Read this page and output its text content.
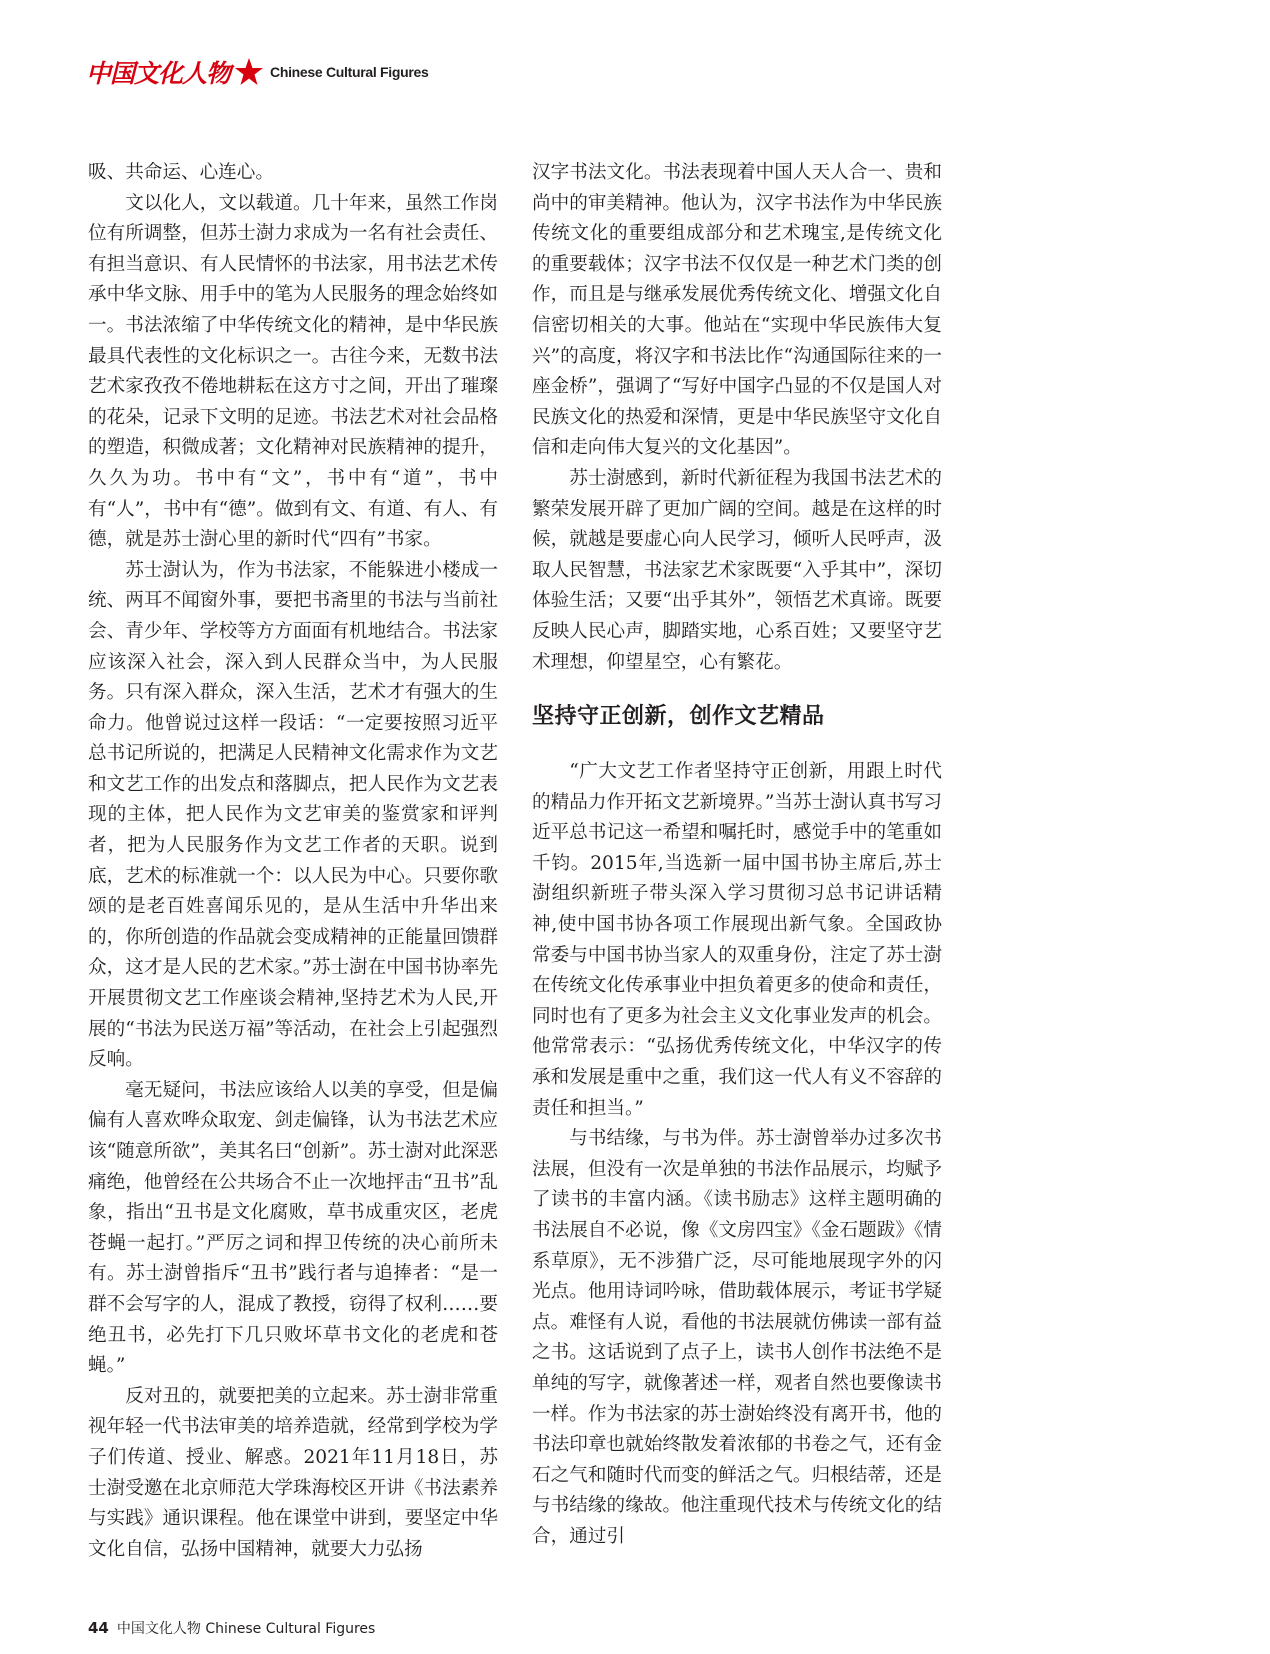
中国文化人物	Chinese Cultural Figures

吸、共命运、心连心。

文以化人，文以载道。几十年来，虽然工作岗位有所调整，但苏士澍力求成为一名有社会责任、有担当意识、有人民情怀的书法家，用书法艺术传承中华文脉、用手中的笔为人民服务的理念始终如一。书法浓缩了中华传统文化的精神，是中华民族最具代表性的文化标识之一。古往今来，无数书法艺术家孜孜不倦地耕耘在这方寸之间，开出了璀璨的花朵，记录下文明的足迹。书法艺术对社会品格的塑造，积微成著；文化精神对民族精神的提升，久久为功。书中有“文”，书中有“道”，书中有“人”，书中有“德”。做到有文、有道、有人、有德，就是苏士澍心里的新时代“四有”书家。

苏士澍认为，作为书法家，不能躲进小楼成一统、两耳不闻窗外事，要把书斋里的书法与当前社会、青少年、学校等方方面面有机地结合。书法家应该深入社会，深入到人民群众当中，为人民服务。只有深入群众，深入生活，艺术才有强大的生命力。他曾说过这样一段话：“一定要按照习近平总书记所说的，把满足人民精神文化需求作为文艺和文艺工作的出发点和落脚点，把人民作为文艺表现的主体，把人民作为文艺审美的鉴赏家和评判者，把为人民服务作为文艺工作者的天职。说到底，艺术的标准就一个：以人民为中心。只要你歌颂的是老百姓喜闻乐见的，是从生活中升华出来的，你所创造的作品就会变成精神的正能量回馈群众，这才是人民的艺术家。”苏士澍在中国书协率先开展贯彻文艺工作座谈会精神,坚持艺术为人民,开展的“书法为民送万福”等活动，在社会上引起强烈反响。

毫无疑问，书法应该给人以美的享受，但是偏偏有人喜欢哗众取宠、剑走偏锋，认为书法艺术应该“随意所欲”，美其名曰“创新”。苏士澍对此深恶痛绝，他曾经在公共场合不止一次地抨击“丑书”乱象，指出“丑书是文化腐败，草书成重灾区，老虎苍蝇一起打。”严厉之词和捍卫传统的决心前所未有。苏士澍曾指斥“丑书”践行者与追捧者：“是一群不会写字的人，混成了教授，窃得了权利……要绝丑书，必先打下几只败坏草书文化的老虎和苍蝇。”

反对丑的，就要把美的立起来。苏士澍非常重视年轻一代书法审美的培养造就，经常到学校为学子们传道、授业、解惑。2021年11月18日，苏士澍受邀在北京师范大学珠海校区开讲《书法素养与实践》通识课程。他在课堂中讲到，要坚定中华文化自信，弘扬中国精神，就要大力弘扬

汉字书法文化。书法表现着中国人天人合一、贵和尚中的审美精神。他认为，汉字书法作为中华民族传统文化的重要组成部分和艺术瑰宝,是传统文化的重要载体；汉字书法不仅仅是一种艺术门类的创作，而且是与继承发展优秀传统文化、增强文化自信密切相关的大事。他站在“实现中华民族伟大复兴”的高度，将汉字和书法比作“沟通国际往来的一座金桥”，强调了“写好中国字凸显的不仅是国人对民族文化的热爱和深情，更是中华民族坚守文化自信和走向伟大复兴的文化基因”。

苏士澍感到，新时代新征程为我国书法艺术的繁荣发展开辟了更加广阔的空间。越是在这样的时候，就越是要虚心向人民学习，倾听人民呼声，汲取人民智慧，书法家艺术家既要“入乎其中”，深切体验生活；又要“出乎其外”，领悟艺术真谛。既要反映人民心声，脚踏实地，心系百姓；又要坚守艺术理想，仰望星空，心有繁花。

坚持守正创新，创作文艺精品

“广大文艺工作者坚持守正创新，用跟上时代的精品力作开拓文艺新境界。”当苏士澍认真书写习近平总书记这一希望和嘱托时，感觉手中的笔重如千钧。2015年,当选新一届中国书协主席后,苏士澍组织新班子带头深入学习贯彻习总书记讲话精神,使中国书协各项工作展现出新气象。全国政协常委与中国书协当家人的双重身份，注定了苏士澍在传统文化传承事业中担负着更多的使命和责任，同时也有了更多为社会主义文化事业发声的机会。他常常表示：“弘扬优秀传统文化，中华汉字的传承和发展是重中之重，我们这一代人有义不容辞的责任和担当。”

与书结缘，与书为伴。苏士澍曾举办过多次书法展，但没有一次是单独的书法作品展示，均赋予了读书的丰富内涵。《读书励志》这样主题明确的书法展自不必说，像《文房四宝》《金石题跋》《情系草原》，无不涉猎广泛，尽可能地展现字外的闪光点。他用诗词吟咏，借助载体展示，考证书学疑点。难怪有人说，看他的书法展就仿佛读一部有益之书。这话说到了点子上，读书人创作书法绝不是单纯的写字，就像著述一样，观者自然也要像读书一样。作为书法家的苏士澍始终没有离开书，他的书法印章也就始终散发着浓郁的书卷之气，还有金石之气和随时代而变的鲜活之气。归根结蒂，还是与书结缘的缘故。他注重现代技术与传统文化的结合，通过引

44 中国文化人物 Chinese Cultural Figures
